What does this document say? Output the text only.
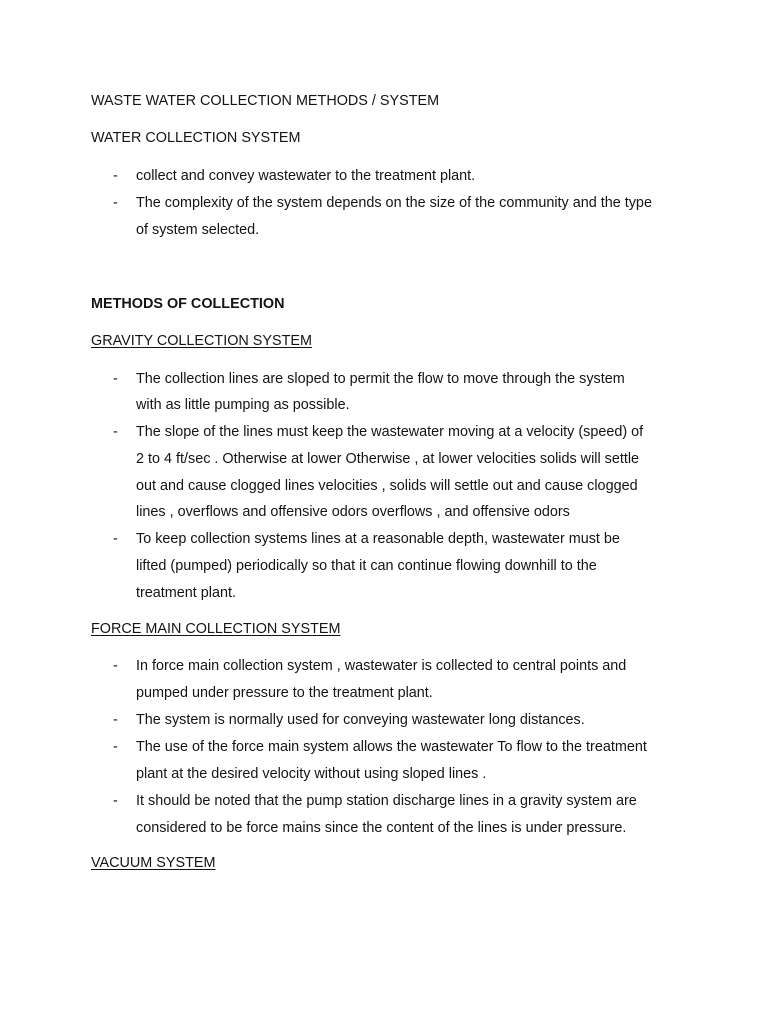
WASTE WATER COLLECTION METHODS / SYSTEM
WATER COLLECTION SYSTEM
- collect and convey wastewater to the treatment plant.
- The complexity of the system depends on the size of the community and the type
of system selected.
METHODS OF COLLECTION
GRAVITY COLLECTION SYSTEM
- The collection lines are sloped to permit the flow to move through the system
with as little pumping as possible.
- The slope of the lines must keep the wastewater moving at a velocity (speed) of
2 to 4 ft/sec . Otherwise at lower Otherwise , at lower velocities solids will settle
out and cause clogged lines velocities , solids will settle out and cause clogged
lines , overflows and offensive odors overflows , and offensive odors
- To keep collection systems lines at a reasonable depth, wastewater must be
lifted (pumped) periodically so that it can continue flowing downhill to the
treatment plant.
FORCE MAIN COLLECTION SYSTEM
- In force main collection system , wastewater is collected to central points and
pumped under pressure to the treatment plant.
- The system is normally used for conveying wastewater long distances.
- The use of the force main system allows the wastewater To flow to the treatment
plant at the desired velocity without using sloped lines .
- It should be noted that the pump station discharge lines in a gravity system are
considered to be force mains since the content of the lines is under pressure.
VACUUM SYSTEM
